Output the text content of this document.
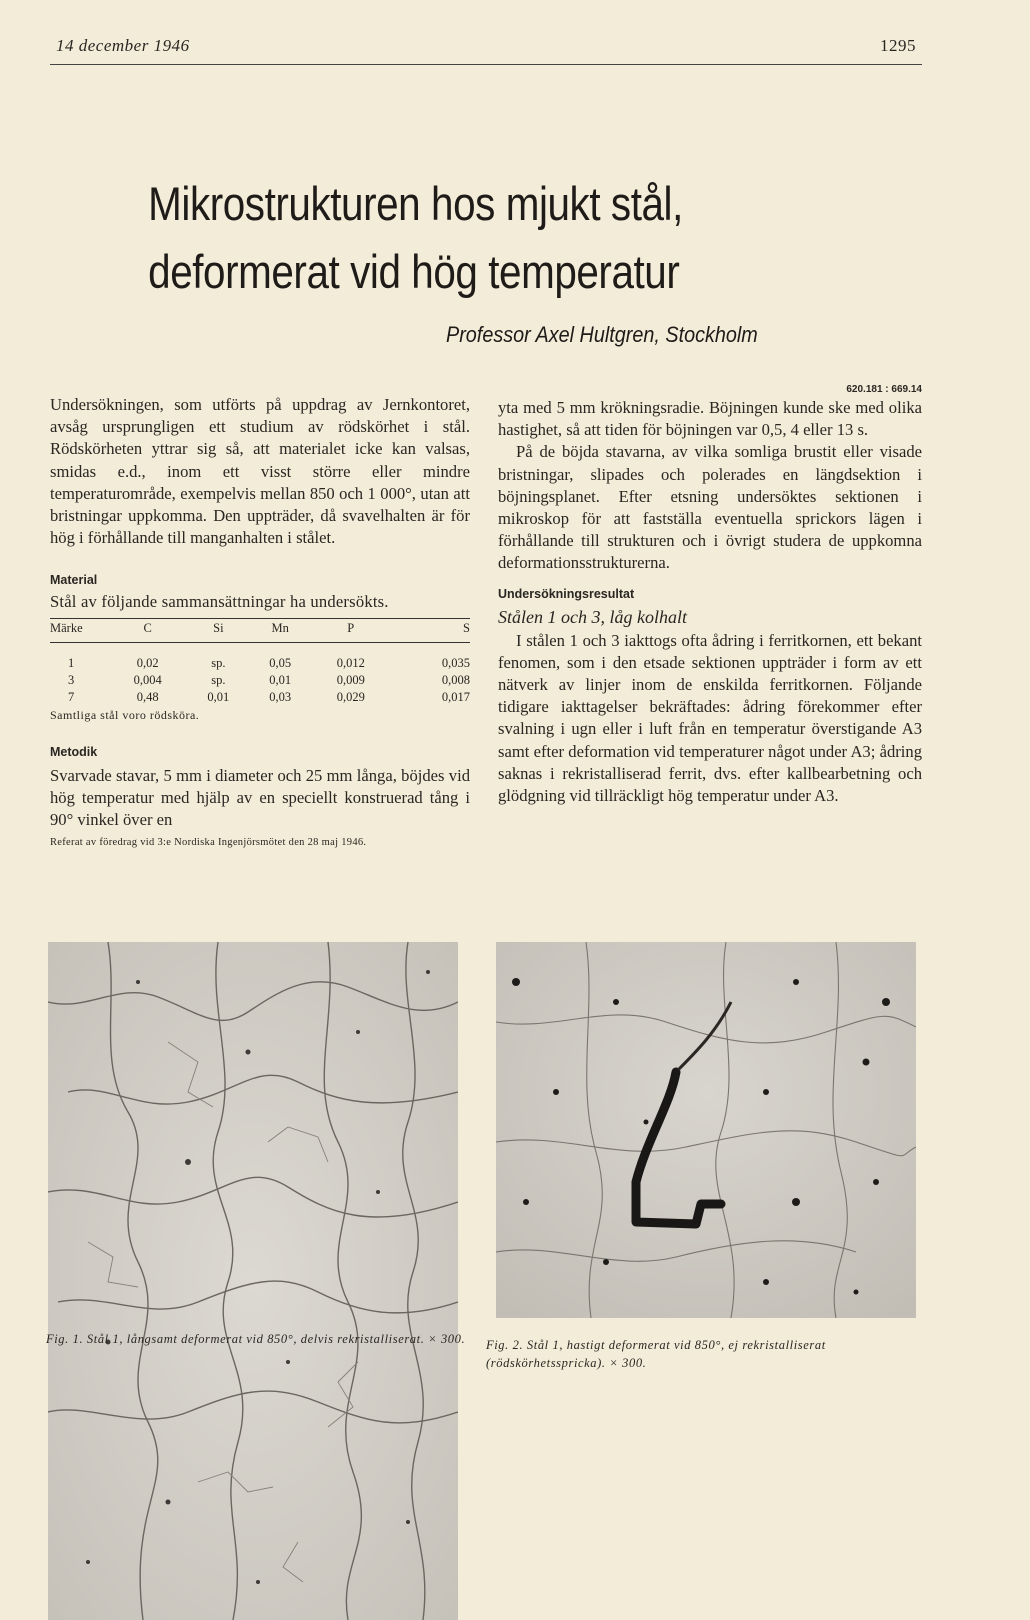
14 december 1946	1295
Mikrostrukturen hos mjukt stål,
deformerat vid hög temperatur
Professor Axel Hultgren, Stockholm

Undersökningen, som utförts på uppdrag av Jernkontoret, avsåg ursprungligen ett studium av rödskörhet i stål. Rödskörheten yttrar sig så, att materialet icke kan valsas, smidas e.d., inom ett visst större eller mindre temperaturområde, exempelvis mellan 850 och 1 000°, utan att bristningar uppkomma. Den uppträder, då svavelhalten är för hög i förhållande till manganhalten i stålet.

Material

Stål av följande sammansättningar ha undersökts.

Märke	C	Si	Mn	P	S

1	0,02	sp.	0,05	0,012	0,035
3	0,004	sp.	0,01	0,009	0,008
7	0,48	0,01	0,03	0,029	0,017

Samtliga stål voro rödsköra.

Metodik

Svarvade stavar, 5 mm i diameter och 25 mm långa, böjdes vid hög temperatur med hjälp av en speciellt konstruerad tång i 90° vinkel över en

Referat av föredrag vid 3:e Nordiska Ingenjörsmötet den 28 maj 1946.

620.181 : 669.14

yta med 5 mm krökningsradie. Böjningen kunde ske med olika hastighet, så att tiden för böjningen var 0,5, 4 eller 13 s.

På de böjda stavarna, av vilka somliga brustit eller visade bristningar, slipades och polerades en längdsektion i böjningsplanet. Efter etsning undersöktes sektionen i mikroskop för att fastställa eventuella sprickors lägen i förhållande till strukturen och i övrigt studera de uppkomna deformationsstrukturerna.

Undersökningsresultat

Stålen 1 och 3, låg kolhalt

I stålen 1 och 3 iakttogs ofta ådring i ferritkornen, ett bekant fenomen, som i den etsade sektionen uppträder i form av ett nätverk av linjer inom de enskilda ferritkornen. Följande tidigare iakttagelser bekräftades: ådring förekommer efter svalning i ugn eller i luft från en temperatur överstigande A3 samt efter deformation vid temperaturer något under A3; ådring saknas i rekristalliserad ferrit, dvs. efter kallbearbetning och glödgning vid tillräckligt hög temperatur under A3.

Fig. 1. Stål 1, långsamt deformerat vid 850°, delvis rekristalliserat. × 300. Fig. 2. Stål 1, hastigt deformerat vid 850°, ej rekristalliserat (rödskörhetsspricka). × 300.
